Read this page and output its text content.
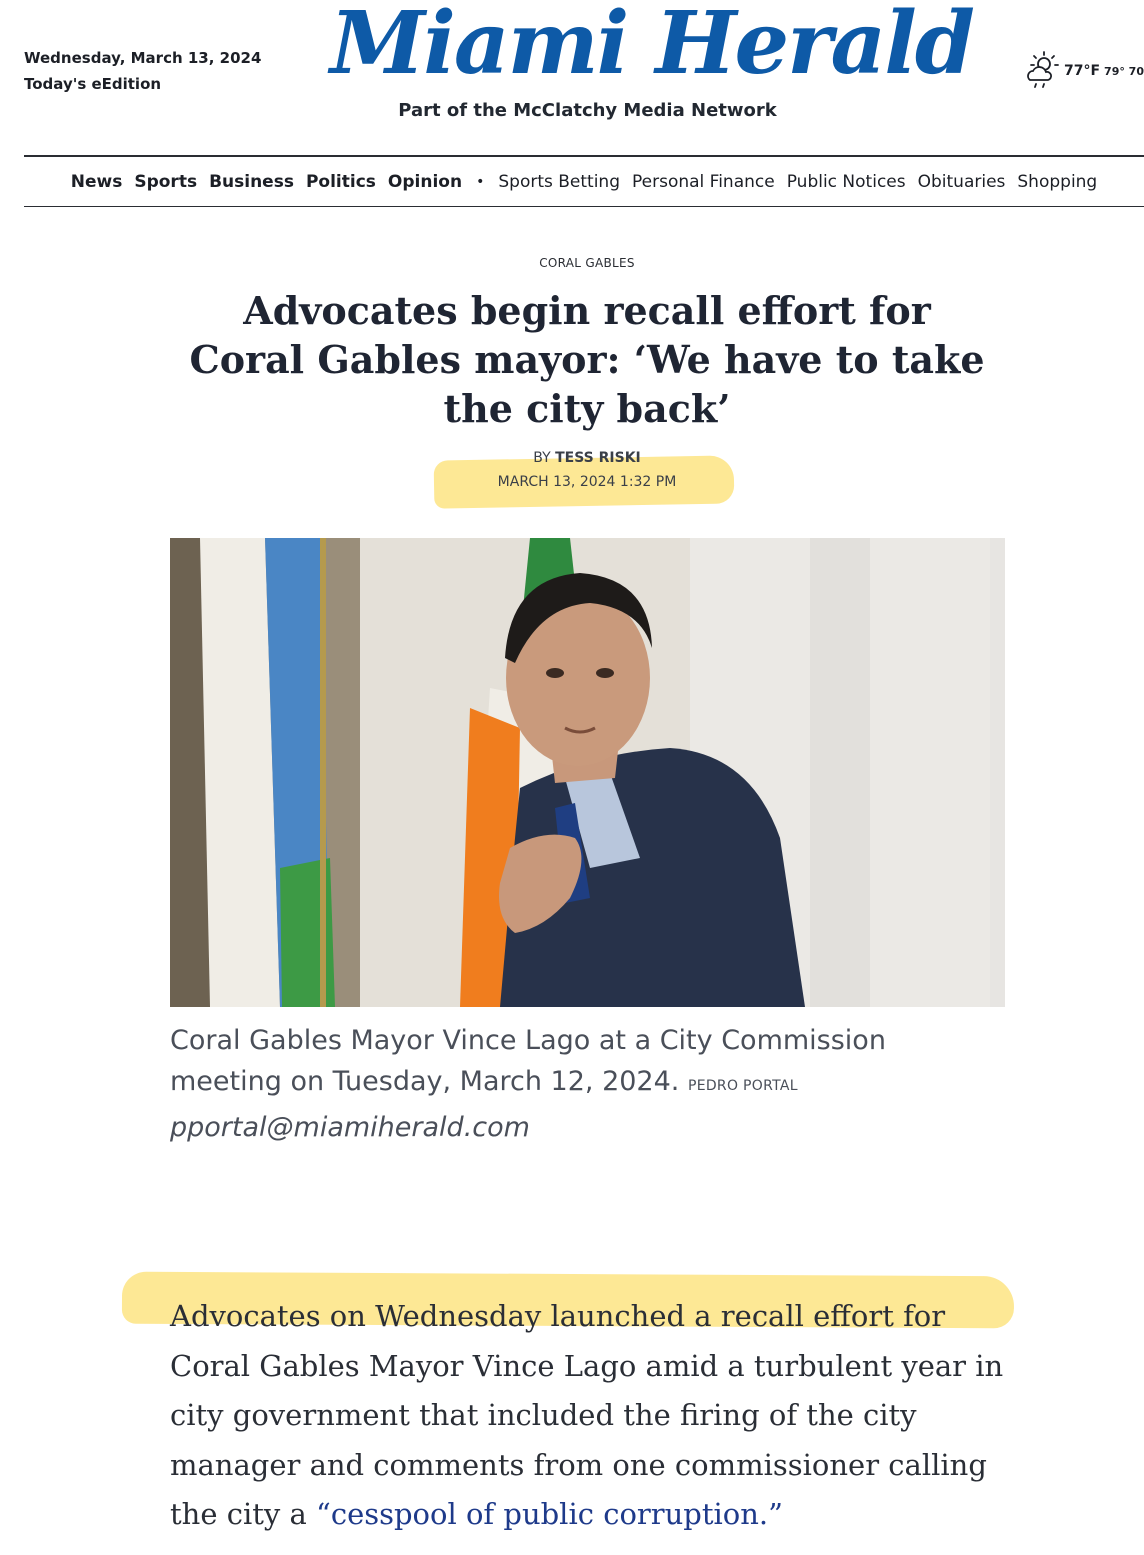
Wednesday, March 13, 2024
Today's eEdition	Miami Herald
Part of the McClatchy Media Network
77°F 79° 70
News Sports Business Politics Opinion • Sports Betting Personal Finance Public Notices Obituaries Shopping
CORAL GABLES
Advocates begin recall effort for Coral Gables mayor: ‘We have to take the city back’
BY TESS RISKI
MARCH 13, 2024 1:32 PM
Coral Gables Mayor Vince Lago at a City Commission meeting on Tuesday, March 12, 2024. PEDRO PORTAL
pportal@miamiherald.com

Advocates on Wednesday launched a recall effort for Coral Gables Mayor Vince Lago amid a turbulent year in city government that included the firing of the city manager and comments from one commissioner calling the city a “cesspool of public corruption.”
